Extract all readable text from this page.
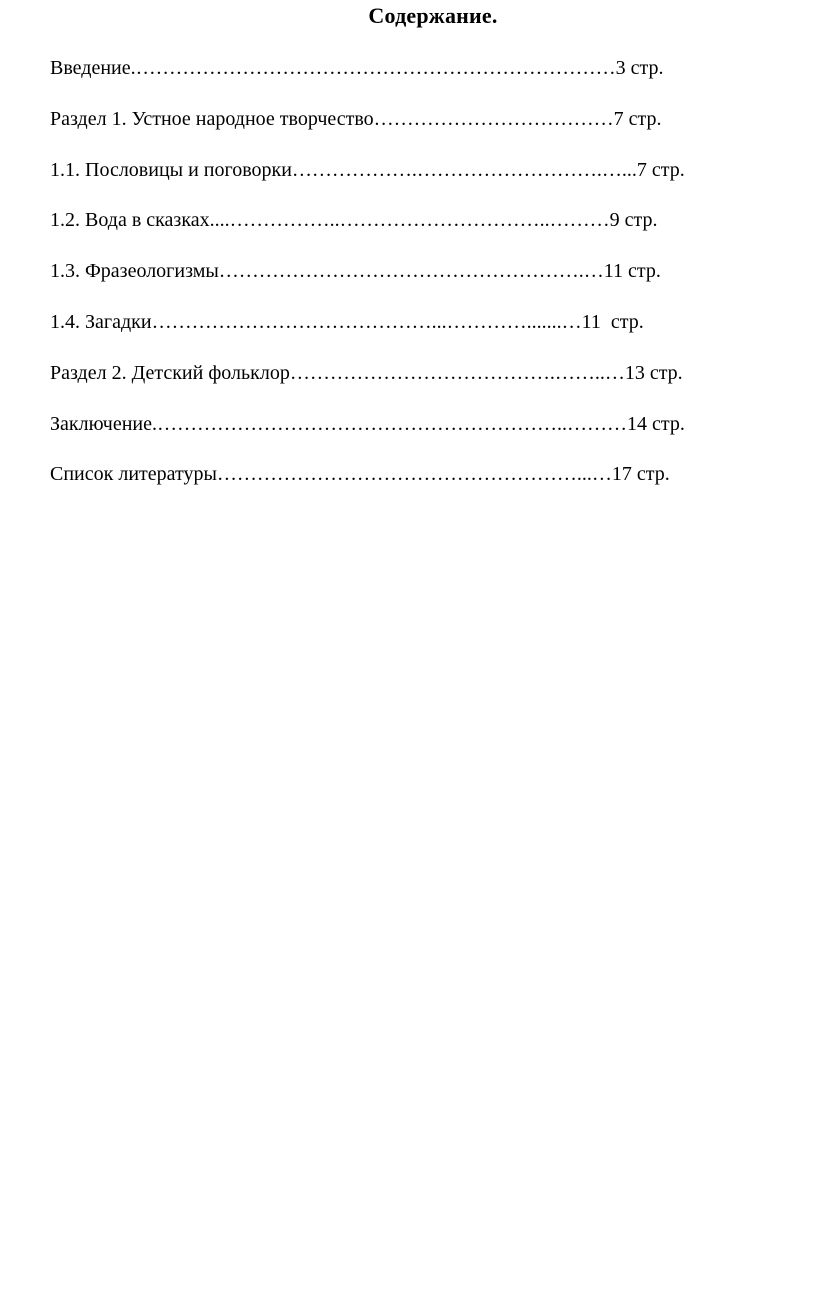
Содержание.
Введение.………………………………………………………………3 стр.
Раздел 1. Устное народное творчество………………………………7 стр.
1.1. Пословицы и поговорки……………….……………………….…...7 стр.
1.2. Вода в сказках....……………..…………………………..………9 стр.
1.3. Фразеологизмы……………………………………………….…11 стр.
1.4. Загадки……………………………………...………….......…11  стр.
Раздел 2. Детский фольклор………………………………….……..…13 стр.
Заключение.……………………………………………………..………14 стр.
Список литературы………………………………………………...…17 стр.
